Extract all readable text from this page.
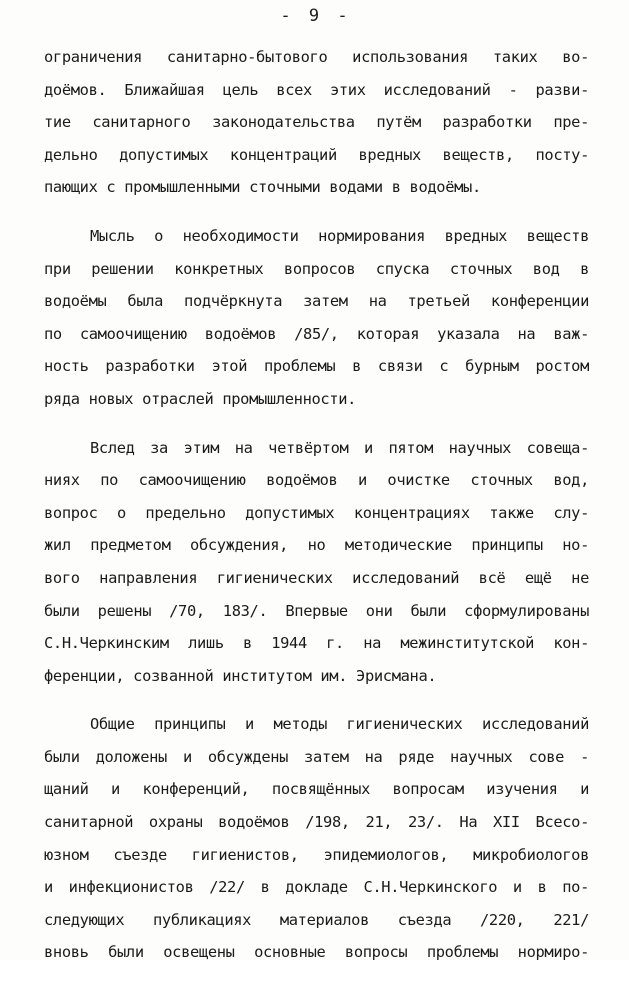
- 9 -
ограничения санитарно-бытового использования таких во-
доёмов. Ближайшая цель всех этих исследований - разви-
тие санитарного законодательства путём разработки пре-
дельно допустимых концентраций вредных веществ, посту-
пающих с промышленными сточными водами в водоёмы.
Мысль о необходимости нормирования вредных веществ
при решении конкретных вопросов спуска сточных вод в
водоёмы была подчёркнута затем на третьей конференции
по самоочищению водоёмов /85/, которая указала на важ-
ность разработки этой проблемы в связи с бурным ростом
ряда новых отраслей промышленности.
Вслед за этим на четвёртом и пятом научных совеща-
ниях по самоочищению водоёмов и очистке сточных вод,
вопрос о предельно допустимых концентрациях также слу-
жил предметом обсуждения, но методические принципы но-
вого направления гигиенических исследований всё ещё не
были решены /70, 183/. Впервые они были сформулированы
С.Н.Черкинским лишь в 1944 г. на межинститутской кон-
ференции, созванной институтом им. Эрисмана.
Общие принципы и методы гигиенических исследований
были доложены и обсуждены затем на ряде научных сове -
щаний и конференций, посвящённых вопросам изучения и
санитарной охраны водоёмов /198, 21, 23/. На XII Всесо-
юзном съезде гигиенистов, эпидемиологов, микробиологов
и инфекционистов /22/ в докладе С.Н.Черкинского и в по-
следующих публикациях материалов съезда /220, 221/
вновь были освещены основные вопросы проблемы нормиро-
